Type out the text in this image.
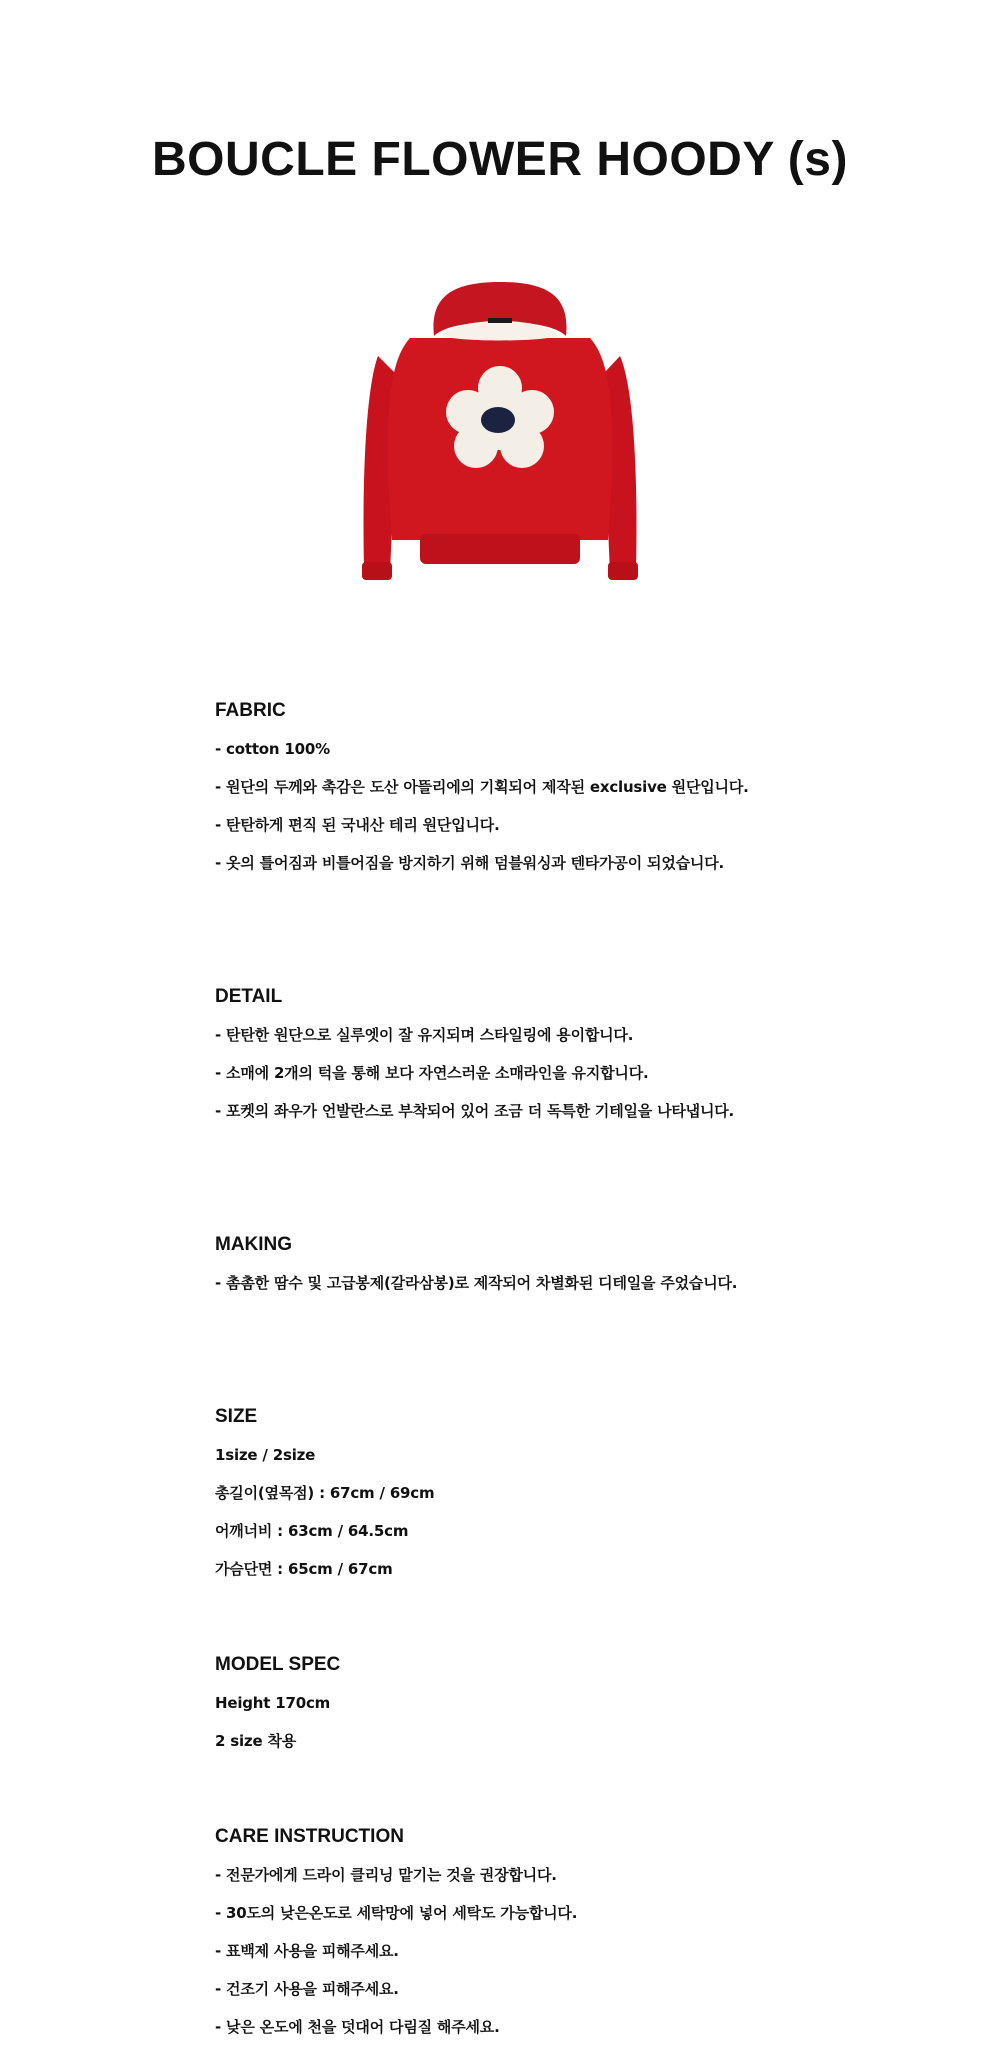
BOUCLE FLOWER HOODY (s)
FABRIC
- cotton 100%
- 원단의 두께와 촉감은 도산 아뜰리에의 기획되어 제작된 exclusive 원단입니다.
- 탄탄하게 편직 된 국내산 테리 원단입니다.
- 옷의 틀어짐과 비틀어짐을 방지하기 위해 덤블워싱과 텐타가공이 되었습니다.
DETAIL
- 탄탄한 원단으로 실루엣이 잘 유지되며 스타일링에 용이합니다.
- 소매에 2개의 턱을 통해 보다 자연스러운 소매라인을 유지합니다.
- 포켓의 좌우가 언발란스로 부착되어 있어 조금 더 독특한 기테일을 나타냅니다.
MAKING
- 촘촘한 땀수 및 고급봉제(갈라삼봉)로 제작되어 차별화된 디테일을 주었습니다.
SIZE
1size / 2size
총길이(옆목점) : 67cm / 69cm
어깨너비 : 63cm / 64.5cm
가슴단면 : 65cm / 67cm
MODEL SPEC
Height 170cm
2 size 착용
CARE INSTRUCTION
- 전문가에게 드라이 클리닝 맡기는 것을 권장합니다.
- 30도의 낮은온도로 세탁망에 넣어 세탁도 가능합니다.
- 표백제 사용을 피해주세요.
- 건조기 사용을 피해주세요.
- 낮은 온도에 천을 덧대어 다림질 해주세요.
